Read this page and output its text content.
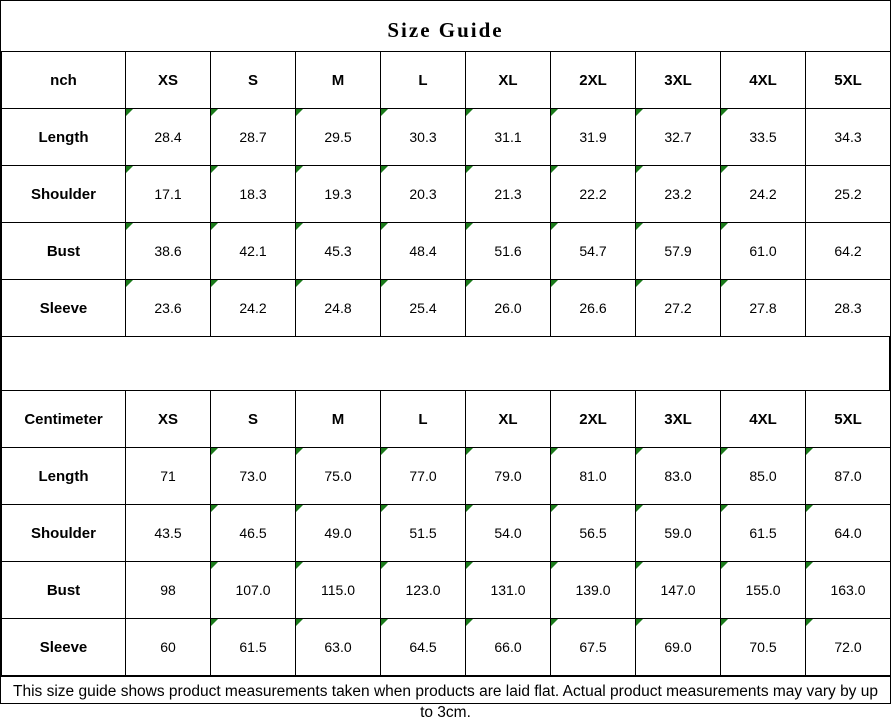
Size Guide
nch	XS	S	M	L	XL	2XL	3XL	4XL	5XL
Length	28.4	28.7	29.5	30.3	31.1	31.9	32.7	33.5	34.3
Shoulder	17.1	18.3	19.3	20.3	21.3	22.2	23.2	24.2	25.2
Bust	38.6	42.1	45.3	48.4	51.6	54.7	57.9	61.0	64.2
Sleeve	23.6	24.2	24.8	25.4	26.0	26.6	27.2	27.8	28.3
Centimeter	XS	S	M	L	XL	2XL	3XL	4XL	5XL
Length	71	73.0	75.0	77.0	79.0	81.0	83.0	85.0	87.0
Shoulder	43.5	46.5	49.0	51.5	54.0	56.5	59.0	61.5	64.0
Bust	98	107.0	115.0	123.0	131.0	139.0	147.0	155.0	163.0
Sleeve	60	61.5	63.0	64.5	66.0	67.5	69.0	70.5	72.0
This size guide shows product measurements taken when products are laid flat. Actual product measurements may vary by up to 3cm.
